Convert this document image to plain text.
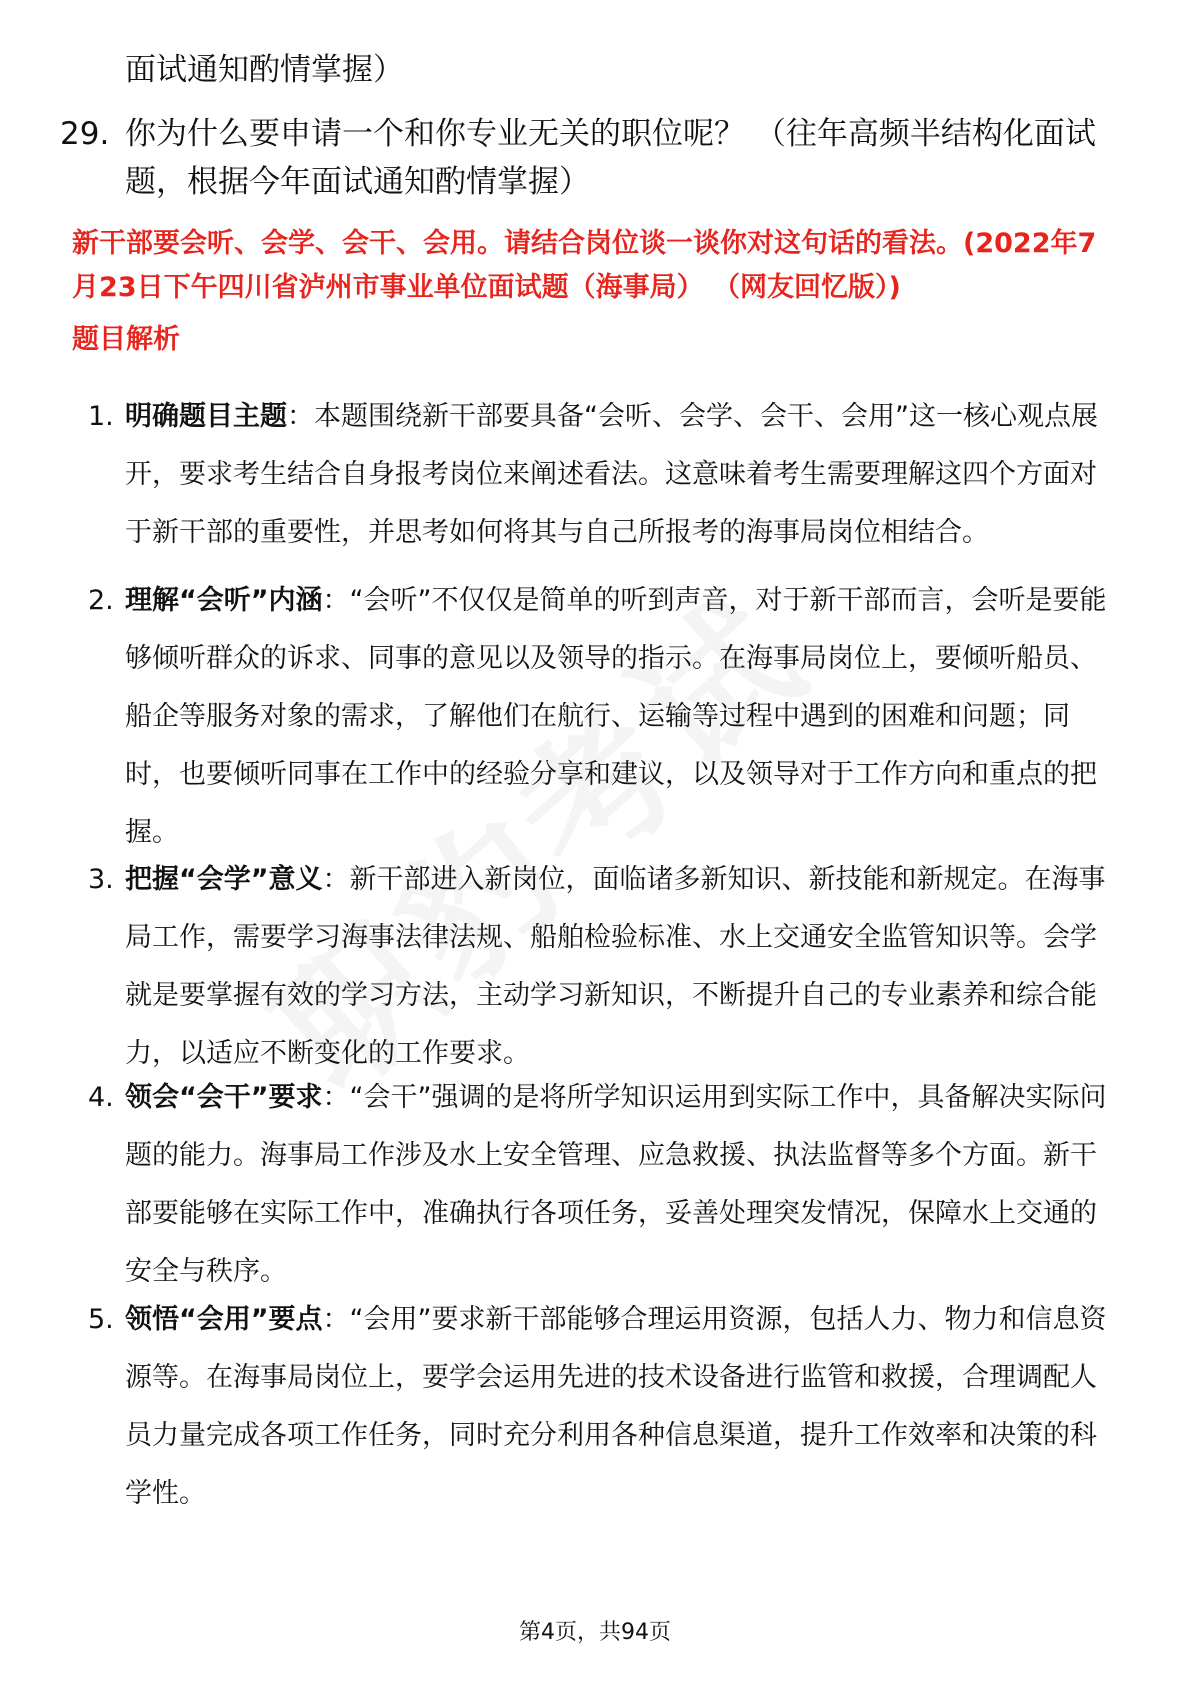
面试通知酌情掌握）
29. 你为什么要申请一个和你专业无关的职位呢？ （往年高频半结构化面试题，根据今年面试通知酌情掌握）
新干部要会听、会学、会干、会用。请结合岗位谈一谈你对这句话的看法。(2022年7月23日下午四川省泸州市事业单位面试题（海事局） （网友回忆版）)
题目解析
1. 明确题目主题：本题围绕新干部要具备“会听、会学、会干、会用”这一核心观点展开，要求考生结合自身报考岗位来阐述看法。这意味着考生需要理解这四个方面对于新干部的重要性，并思考如何将其与自己所报考的海事局岗位相结合。
2. 理解“会听”内涵：“会听”不仅仅是简单的听到声音，对于新干部而言，会听是要能够倾听群众的诉求、同事的意见以及领导的指示。在海事局岗位上，要倾听船员、船企等服务对象的需求，了解他们在航行、运输等过程中遇到的困难和问题；同时，也要倾听同事在工作中的经验分享和建议，以及领导对于工作方向和重点的把握。
3. 把握“会学”意义：新干部进入新岗位，面临诸多新知识、新技能和新规定。在海事局工作，需要学习海事法律法规、船舶检验标准、水上交通安全监管知识等。会学就是要掌握有效的学习方法，主动学习新知识，不断提升自己的专业素养和综合能力，以适应不断变化的工作要求。
4. 领会“会干”要求：“会干”强调的是将所学知识运用到实际工作中，具备解决实际问题的能力。海事局工作涉及水上安全管理、应急救援、执法监督等多个方面。新干部要能够在实际工作中，准确执行各项任务，妥善处理突发情况，保障水上交通的安全与秩序。
5. 领悟“会用”要点：“会用”要求新干部能够合理运用资源，包括人力、物力和信息资源等。在海事局岗位上，要学会运用先进的技术设备进行监管和救援，合理调配人员力量完成各项工作任务，同时充分利用各种信息渠道，提升工作效率和决策的科学性。
第4页，共94页
